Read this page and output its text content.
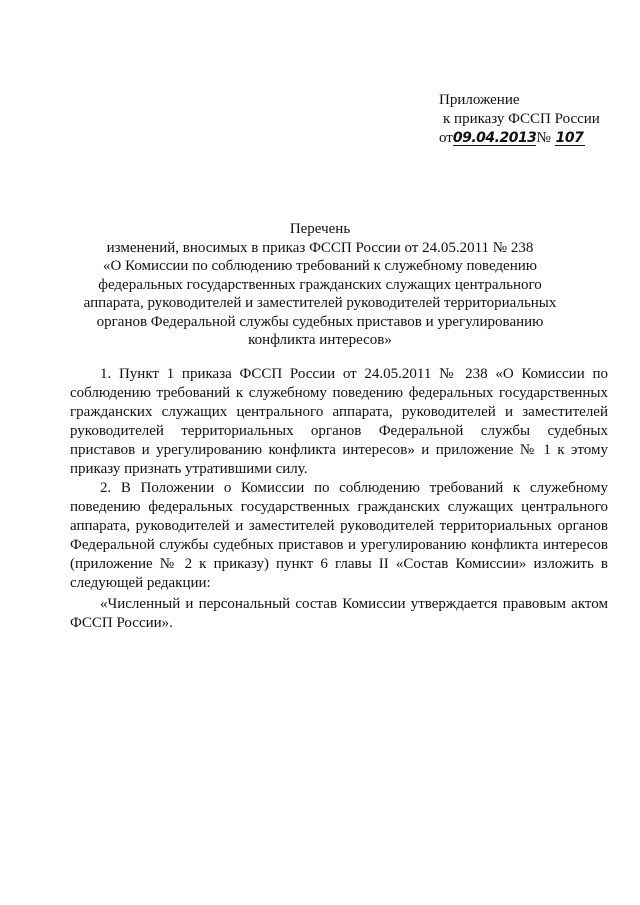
Приложение
к приказу ФССП России
от09.04.2013№ 107
Перечень
изменений, вносимых в приказ ФССП России от 24.05.2011 № 238
«О Комиссии по соблюдению требований к служебному поведению
федеральных государственных гражданских служащих центрального
аппарата, руководителей и заместителей руководителей территориальных
органов Федеральной службы судебных приставов и урегулированию
конфликта интересов»

1. Пункт 1 приказа ФССП России от 24.05.2011 № 238 «О Комиссии по соблюдению требований к служебному поведению федеральных государственных гражданских служащих центрального аппарата, руководителей и заместителей руководителей территориальных органов Федеральной службы судебных приставов и урегулированию конфликта интересов» и приложение № 1 к этому приказу признать утратившими силу.

2. В Положении о Комиссии по соблюдению требований к служебному поведению федеральных государственных гражданских служащих центрального аппарата, руководителей и заместителей руководителей территориальных органов Федеральной службы судебных приставов и урегулированию конфликта интересов (приложение № 2 к приказу) пункт 6 главы II «Состав Комиссии» изложить в следующей редакции:

«Численный и персональный состав Комиссии утверждается правовым актом ФССП России».
